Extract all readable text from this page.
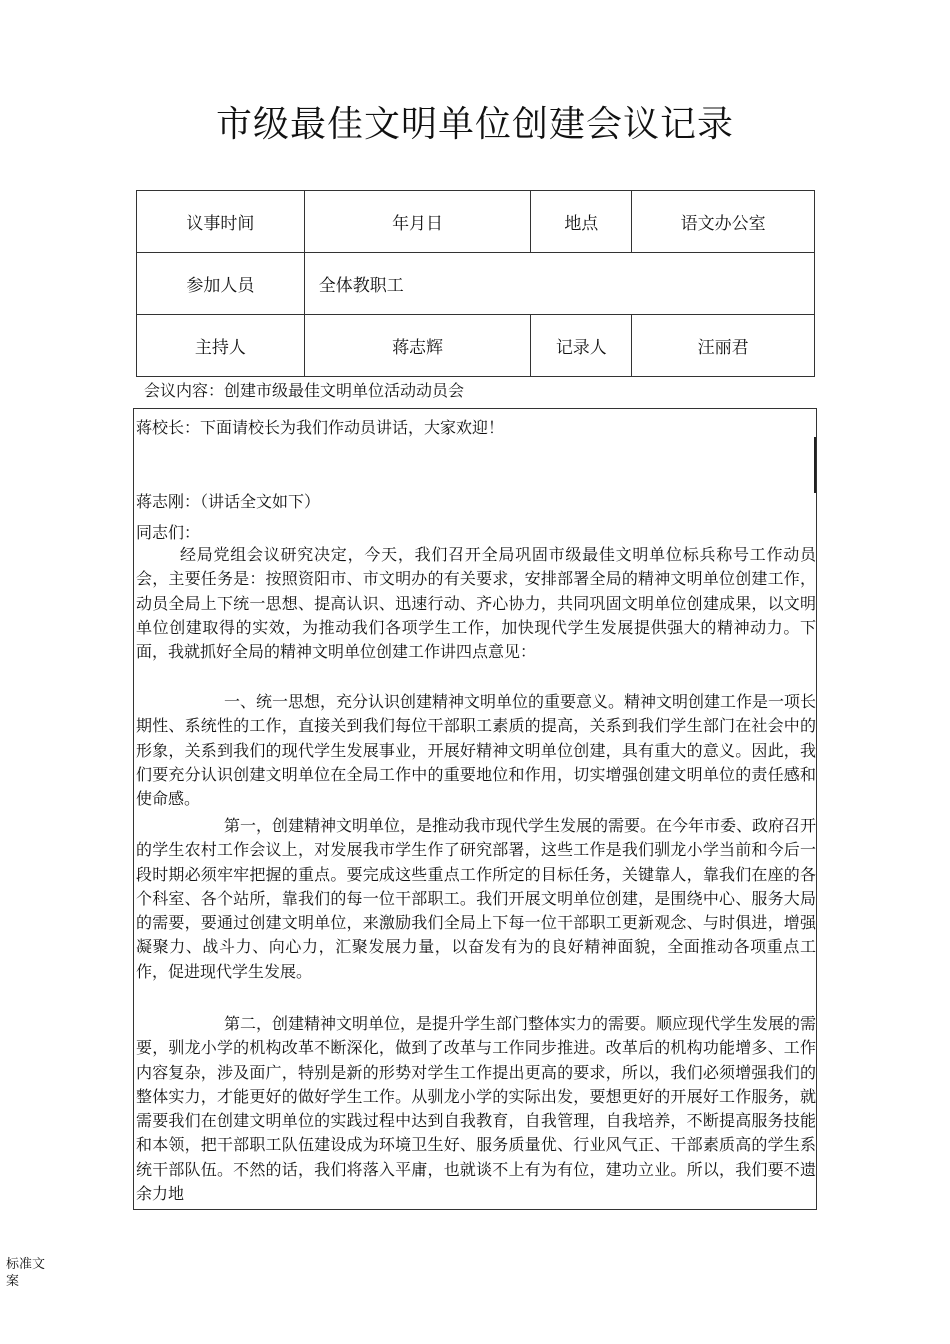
市级最佳文明单位创建会议记录
议事时间	年月日	地点	语文办公室
参加人员	全体教职工		
主持人	蒋志辉	记录人	汪丽君
会议内容：创建市级最佳文明单位活动动员会
蒋校长：下面请校长为我们作动员讲话，大家欢迎！
蒋志刚：（讲话全文如下）
同志们：
经局党组会议研究决定，今天，我们召开全局巩固市级最佳文明单位标兵称号工作动员会，主要任务是：按照资阳市、市文明办的有关要求，安排部署全局的精神文明单位创建工作，动员全局上下统一思想、提高认识、迅速行动、齐心协力，共同巩固文明单位创建成果，以文明单位创建取得的实效，为推动我们各项学生工作，加快现代学生发展提供强大的精神动力。下面，我就抓好全局的精神文明单位创建工作讲四点意见：
一、统一思想，充分认识创建精神文明单位的重要意义。精神文明创建工作是一项长期性、系统性的工作，直接关到我们每位干部职工素质的提高，关系到我们学生部门在社会中的形象，关系到我们的现代学生发展事业，开展好精神文明单位创建，具有重大的意义。因此，我们要充分认识创建文明单位在全局工作中的重要地位和作用，切实增强创建文明单位的责任感和使命感。
第一，创建精神文明单位，是推动我市现代学生发展的需要。在今年市委、政府召开的学生农村工作会议上，对发展我市学生作了研究部署，这些工作是我们驯龙小学当前和今后一段时期必须牢牢把握的重点。要完成这些重点工作所定的目标任务，关键靠人，靠我们在座的各个科室、各个站所，靠我们的每一位干部职工。我们开展文明单位创建，是围绕中心、服务大局的需要，要通过创建文明单位，来激励我们全局上下每一位干部职工更新观念、与时俱进，增强凝聚力、战斗力、向心力，汇聚发展力量，以奋发有为的良好精神面貌，全面推动各项重点工作，促进现代学生发展。
第二，创建精神文明单位，是提升学生部门整体实力的需要。顺应现代学生发展的需要，驯龙小学的机构改革不断深化，做到了改革与工作同步推进。改革后的机构功能增多、工作内容复杂，涉及面广，特别是新的形势对学生工作提出更高的要求，所以，我们必须增强我们的整体实力，才能更好的做好学生工作。从驯龙小学的实际出发，要想更好的开展好工作服务，就需要我们在创建文明单位的实践过程中达到自我教育，自我管理，自我培养，不断提高服务技能和本领，把干部职工队伍建设成为环境卫生好、服务质量优、行业风气正、干部素质高的学生系统干部队伍。不然的话，我们将落入平庸，也就谈不上有为有位，建功立业。所以，我们要不遗余力地
标准文案
